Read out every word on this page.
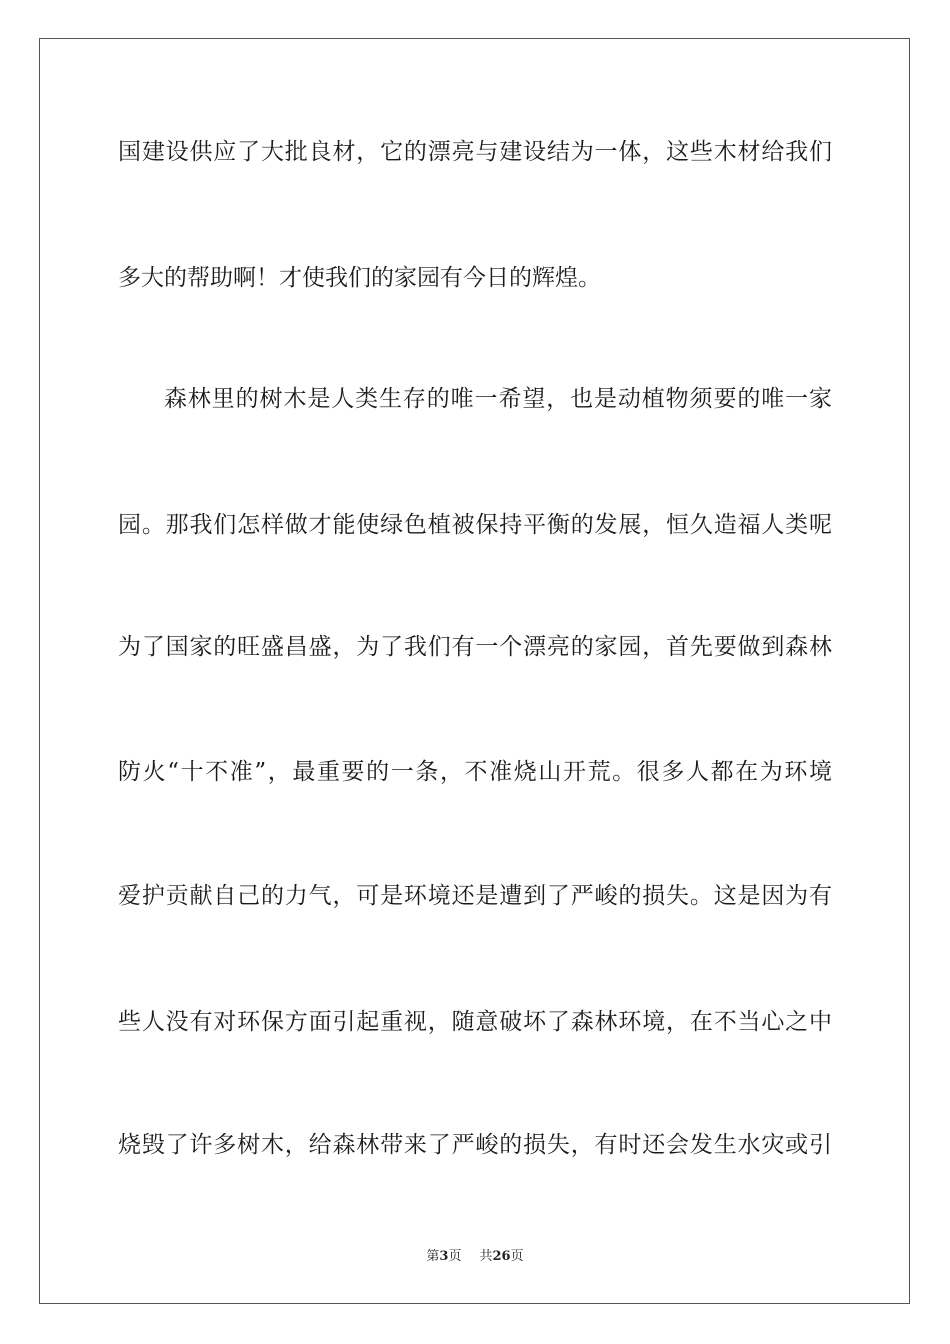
国建设供应了大批良材，它的漂亮与建设结为一体，这些木材给我们
多大的帮助啊！才使我们的家园有今日的辉煌。
森林里的树木是人类生存的唯一希望，也是动植物须要的唯一家
园。那我们怎样做才能使绿色植被保持平衡的发展，恒久造福人类呢
为了国家的旺盛昌盛，为了我们有一个漂亮的家园，首先要做到森林
防火“十不准”，最重要的一条，不准烧山开荒。很多人都在为环境
爱护贡献自己的力气，可是环境还是遭到了严峻的损失。这是因为有
些人没有对环保方面引起重视，随意破坏了森林环境，在不当心之中
烧毁了许多树木，给森林带来了严峻的损失，有时还会发生水灾或引
第3页 共26页
